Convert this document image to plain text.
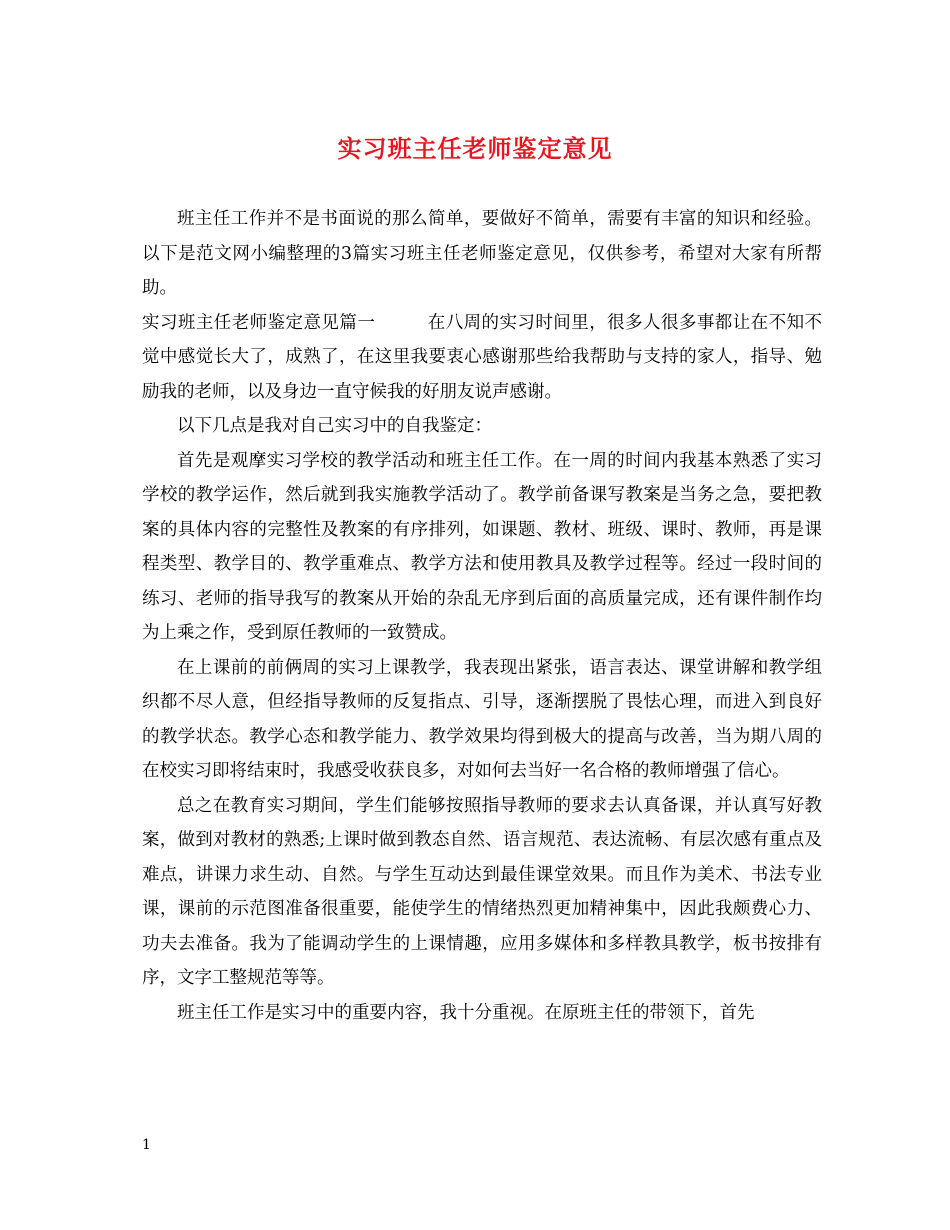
实习班主任老师鉴定意见

班主任工作并不是书面说的那么简单，要做好不简单，需要有丰富的知识和经验。以下是范文网小编整理的3篇实习班主任老师鉴定意见，仅供参考，希望对大家有所帮助。

实习班主任老师鉴定意见篇一	在八周的实习时间里，很多人很多事都让在不知不觉中感觉长大了，成熟了，在这里我要衷心感谢那些给我帮助与支持的家人，指导、勉励我的老师，以及身边一直守候我的好朋友说声感谢。

以下几点是我对自己实习中的自我鉴定：

首先是观摩实习学校的教学活动和班主任工作。在一周的时间内我基本熟悉了实习学校的教学运作，然后就到我实施教学活动了。教学前备课写教案是当务之急，要把教案的具体内容的完整性及教案的有序排列，如课题、教材、班级、课时、教师，再是课程类型、教学目的、教学重难点、教学方法和使用教具及教学过程等。经过一段时间的练习、老师的指导我写的教案从开始的杂乱无序到后面的高质量完成，还有课件制作均为上乘之作，受到原任教师的一致赞成。

在上课前的前俩周的实习上课教学，我表现出紧张，语言表达、课堂讲解和教学组织都不尽人意，但经指导教师的反复指点、引导，逐渐摆脱了畏怯心理，而进入到良好的教学状态。教学心态和教学能力、教学效果均得到极大的提高与改善，当为期八周的在校实习即将结束时，我感受收获良多，对如何去当好一名合格的教师增强了信心。

总之在教育实习期间，学生们能够按照指导教师的要求去认真备课，并认真写好教案，做到对教材的熟悉;上课时做到教态自然、语言规范、表达流畅、有层次感有重点及难点，讲课力求生动、自然。与学生互动达到最佳课堂效果。而且作为美术、书法专业课，课前的示范图准备很重要，能使学生的情绪热烈更加精神集中，因此我颇费心力、功夫去准备。我为了能调动学生的上课情趣，应用多媒体和多样教具教学，板书按排有序，文字工整规范等等。

班主任工作是实习中的重要内容，我十分重视。在原班主任的带领下，首先

1
